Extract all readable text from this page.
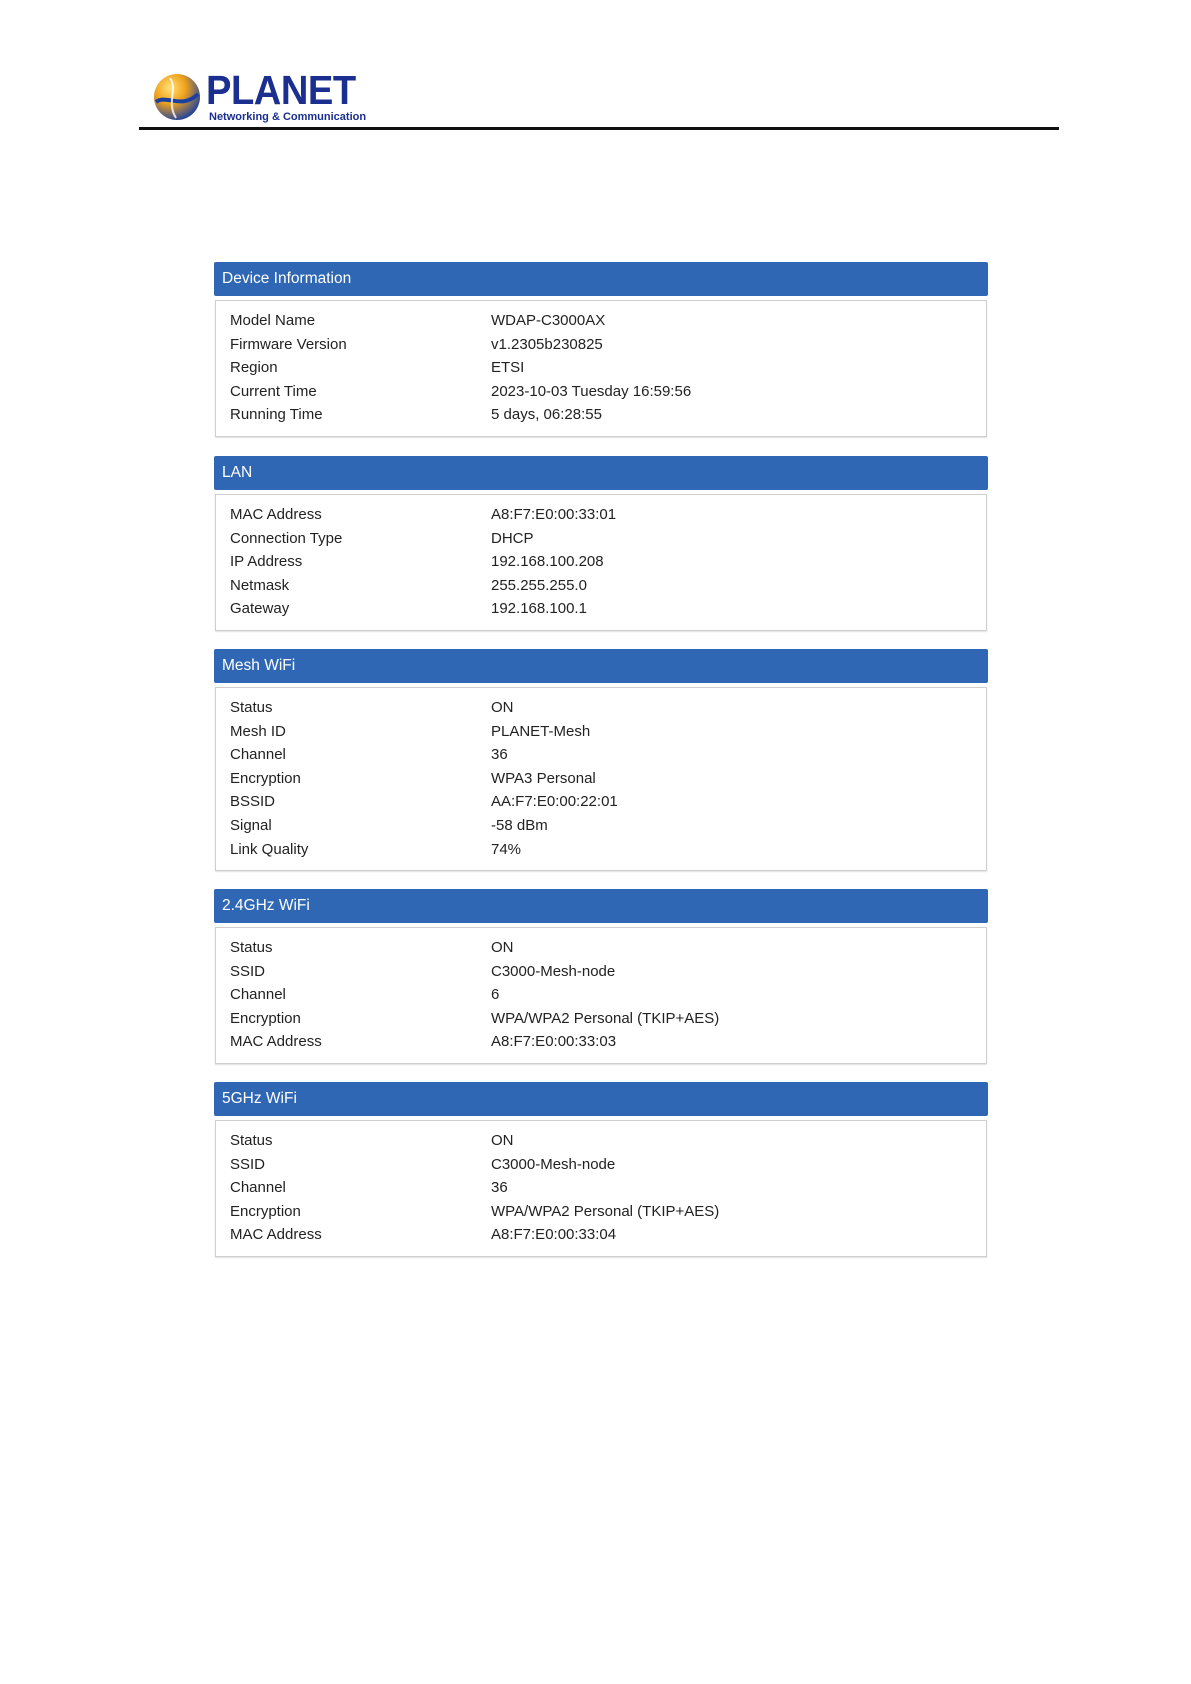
PLANET
Networking & Communication
Device Information
Model Name	WDAP-C3000AX
Firmware Version	v1.2305b230825
Region	ETSI
Current Time	2023-10-03 Tuesday 16:59:56
Running Time	5 days, 06:28:55
LAN
MAC Address	A8:F7:E0:00:33:01
Connection Type	DHCP
IP Address	192.168.100.208
Netmask	255.255.255.0
Gateway	192.168.100.1
Mesh WiFi
Status	ON
Mesh ID	PLANET-Mesh
Channel	36
Encryption	WPA3 Personal
BSSID	AA:F7:E0:00:22:01
Signal	-58 dBm
Link Quality	74%
2.4GHz WiFi
Status	ON
SSID	C3000-Mesh-node
Channel	6
Encryption	WPA/WPA2 Personal (TKIP+AES)
MAC Address	A8:F7:E0:00:33:03
5GHz WiFi
Status	ON
SSID	C3000-Mesh-node
Channel	36
Encryption	WPA/WPA2 Personal (TKIP+AES)
MAC Address	A8:F7:E0:00:33:04
